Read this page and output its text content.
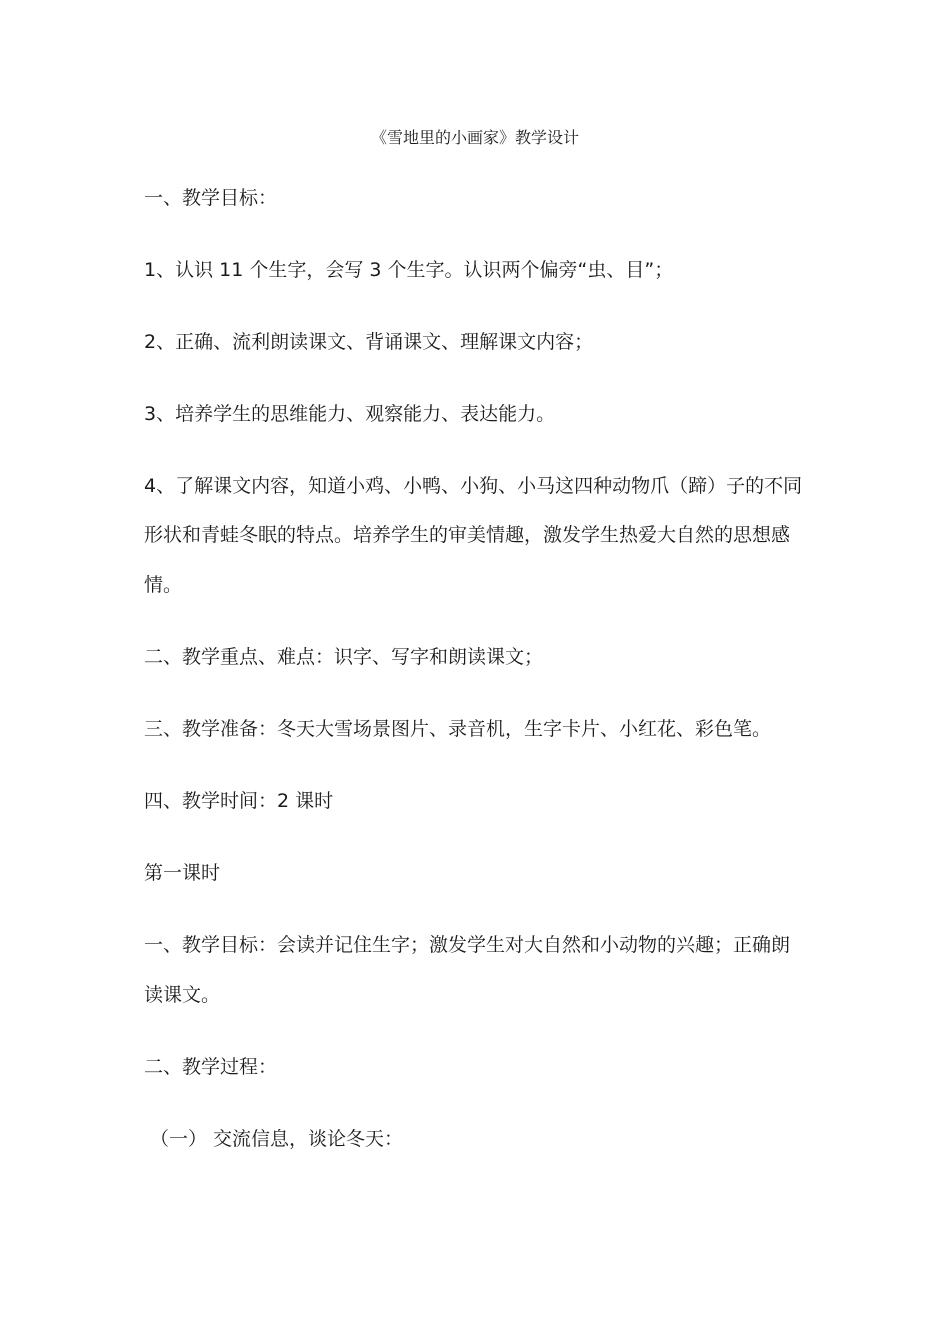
《雪地里的小画家》教学设计
一、教学目标：
1、认识 11 个生字，会写 3 个生字。认识两个偏旁“虫、目”；
2、正确、流利朗读课文、背诵课文、理解课文内容；
3、培养学生的思维能力、观察能力、表达能力。
4、了解课文内容，知道小鸡、小鸭、小狗、小马这四种动物爪（蹄）子的不同
形状和青蛙冬眠的特点。培养学生的审美情趣，激发学生热爱大自然的思想感
情。
二、教学重点、难点：识字、写字和朗读课文；
三、教学准备：冬天大雪场景图片、录音机，生字卡片、小红花、彩色笔。
四、教学时间：2 课时
第一课时
一、教学目标：会读并记住生字；激发学生对大自然和小动物的兴趣；正确朗
读课文。
二、教学过程：
（一） 交流信息，谈论冬天：
